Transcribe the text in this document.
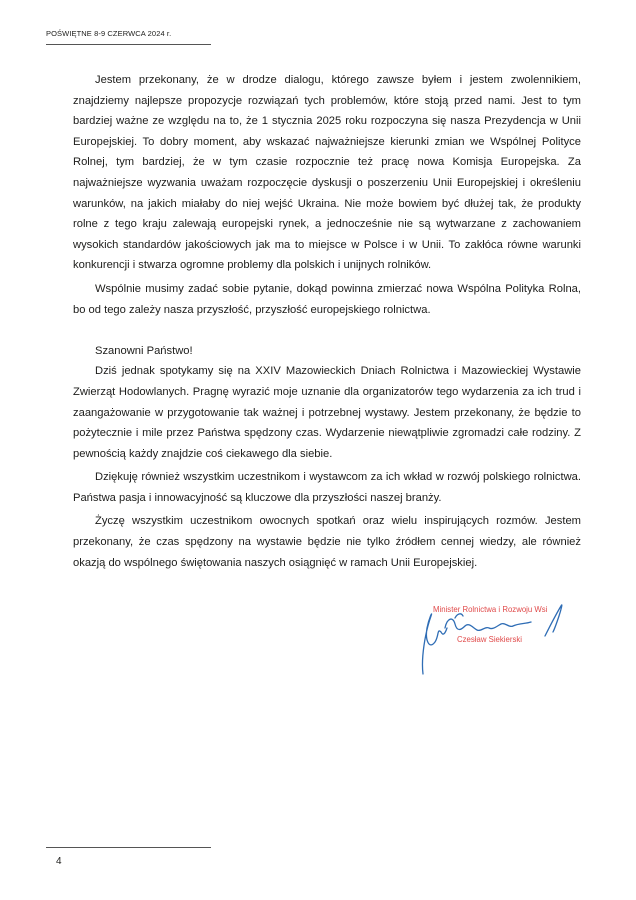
POŚWIĘTNE 8-9 CZERWCA 2024 r.

Jestem przekonany, że w drodze dialogu, którego zawsze byłem i jestem zwolennikiem, znajdziemy najlepsze propozycje rozwiązań tych problemów, które stoją przed nami. Jest to tym bardziej ważne ze względu na to, że 1 stycznia 2025 roku rozpoczyna się nasza Prezydencja w Unii Europejskiej. To dobry moment, aby wskazać najważniejsze kierunki zmian we Wspólnej Polityce Rolnej, tym bardziej, że w tym czasie rozpocznie też pracę nowa Komisja Europejska. Za najważniejsze wyzwania uważam rozpoczęcie dyskusji o poszerzeniu Unii Europejskiej i określeniu warunków, na jakich miałaby do niej wejść Ukraina. Nie może bowiem być dłużej tak, że produkty rolne z tego kraju zalewają europejski rynek, a jednocześnie nie są wytwarzane z zachowaniem wysokich standardów jakościowych jak ma to miejsce w Polsce i w Unii. To zakłóca równe warunki konkurencji i stwarza ogromne problemy dla polskich i unijnych rolników.

Wspólnie musimy zadać sobie pytanie, dokąd powinna zmierzać nowa Wspólna Polityka Rolna, bo od tego zależy nasza przyszłość, przyszłość europejskiego rolnictwa.

Szanowni Państwo!

Dziś jednak spotykamy się na XXIV Mazowieckich Dniach Rolnictwa i Mazowieckiej Wystawie Zwierząt Hodowlanych. Pragnę wyrazić moje uznanie dla organizatorów tego wydarzenia za ich trud i zaangażowanie w przygotowanie tak ważnej i potrzebnej wystawy. Jestem przekonany, że będzie to pożytecznie i mile przez Państwa spędzony czas. Wydarzenie niewątpliwie zgromadzi całe rodziny. Z pewnością każdy znajdzie coś ciekawego dla siebie.

Dziękuję również wszystkim uczestnikom i wystawcom za ich wkład w rozwój polskiego rolnictwa. Państwa pasja i innowacyjność są kluczowe dla przyszłości naszej branży.

Życzę wszystkim uczestnikom owocnych spotkań oraz wielu inspirujących rozmów. Jestem przekonany, że czas spędzony na wystawie będzie nie tylko źródłem cennej wiedzy, ale również okazją do wspólnego świętowania naszych osiągnięć w ramach Unii Europejskiej.

Minister Rolnictwa i Rozwoju Wsi
Czesław Siekierski
4
